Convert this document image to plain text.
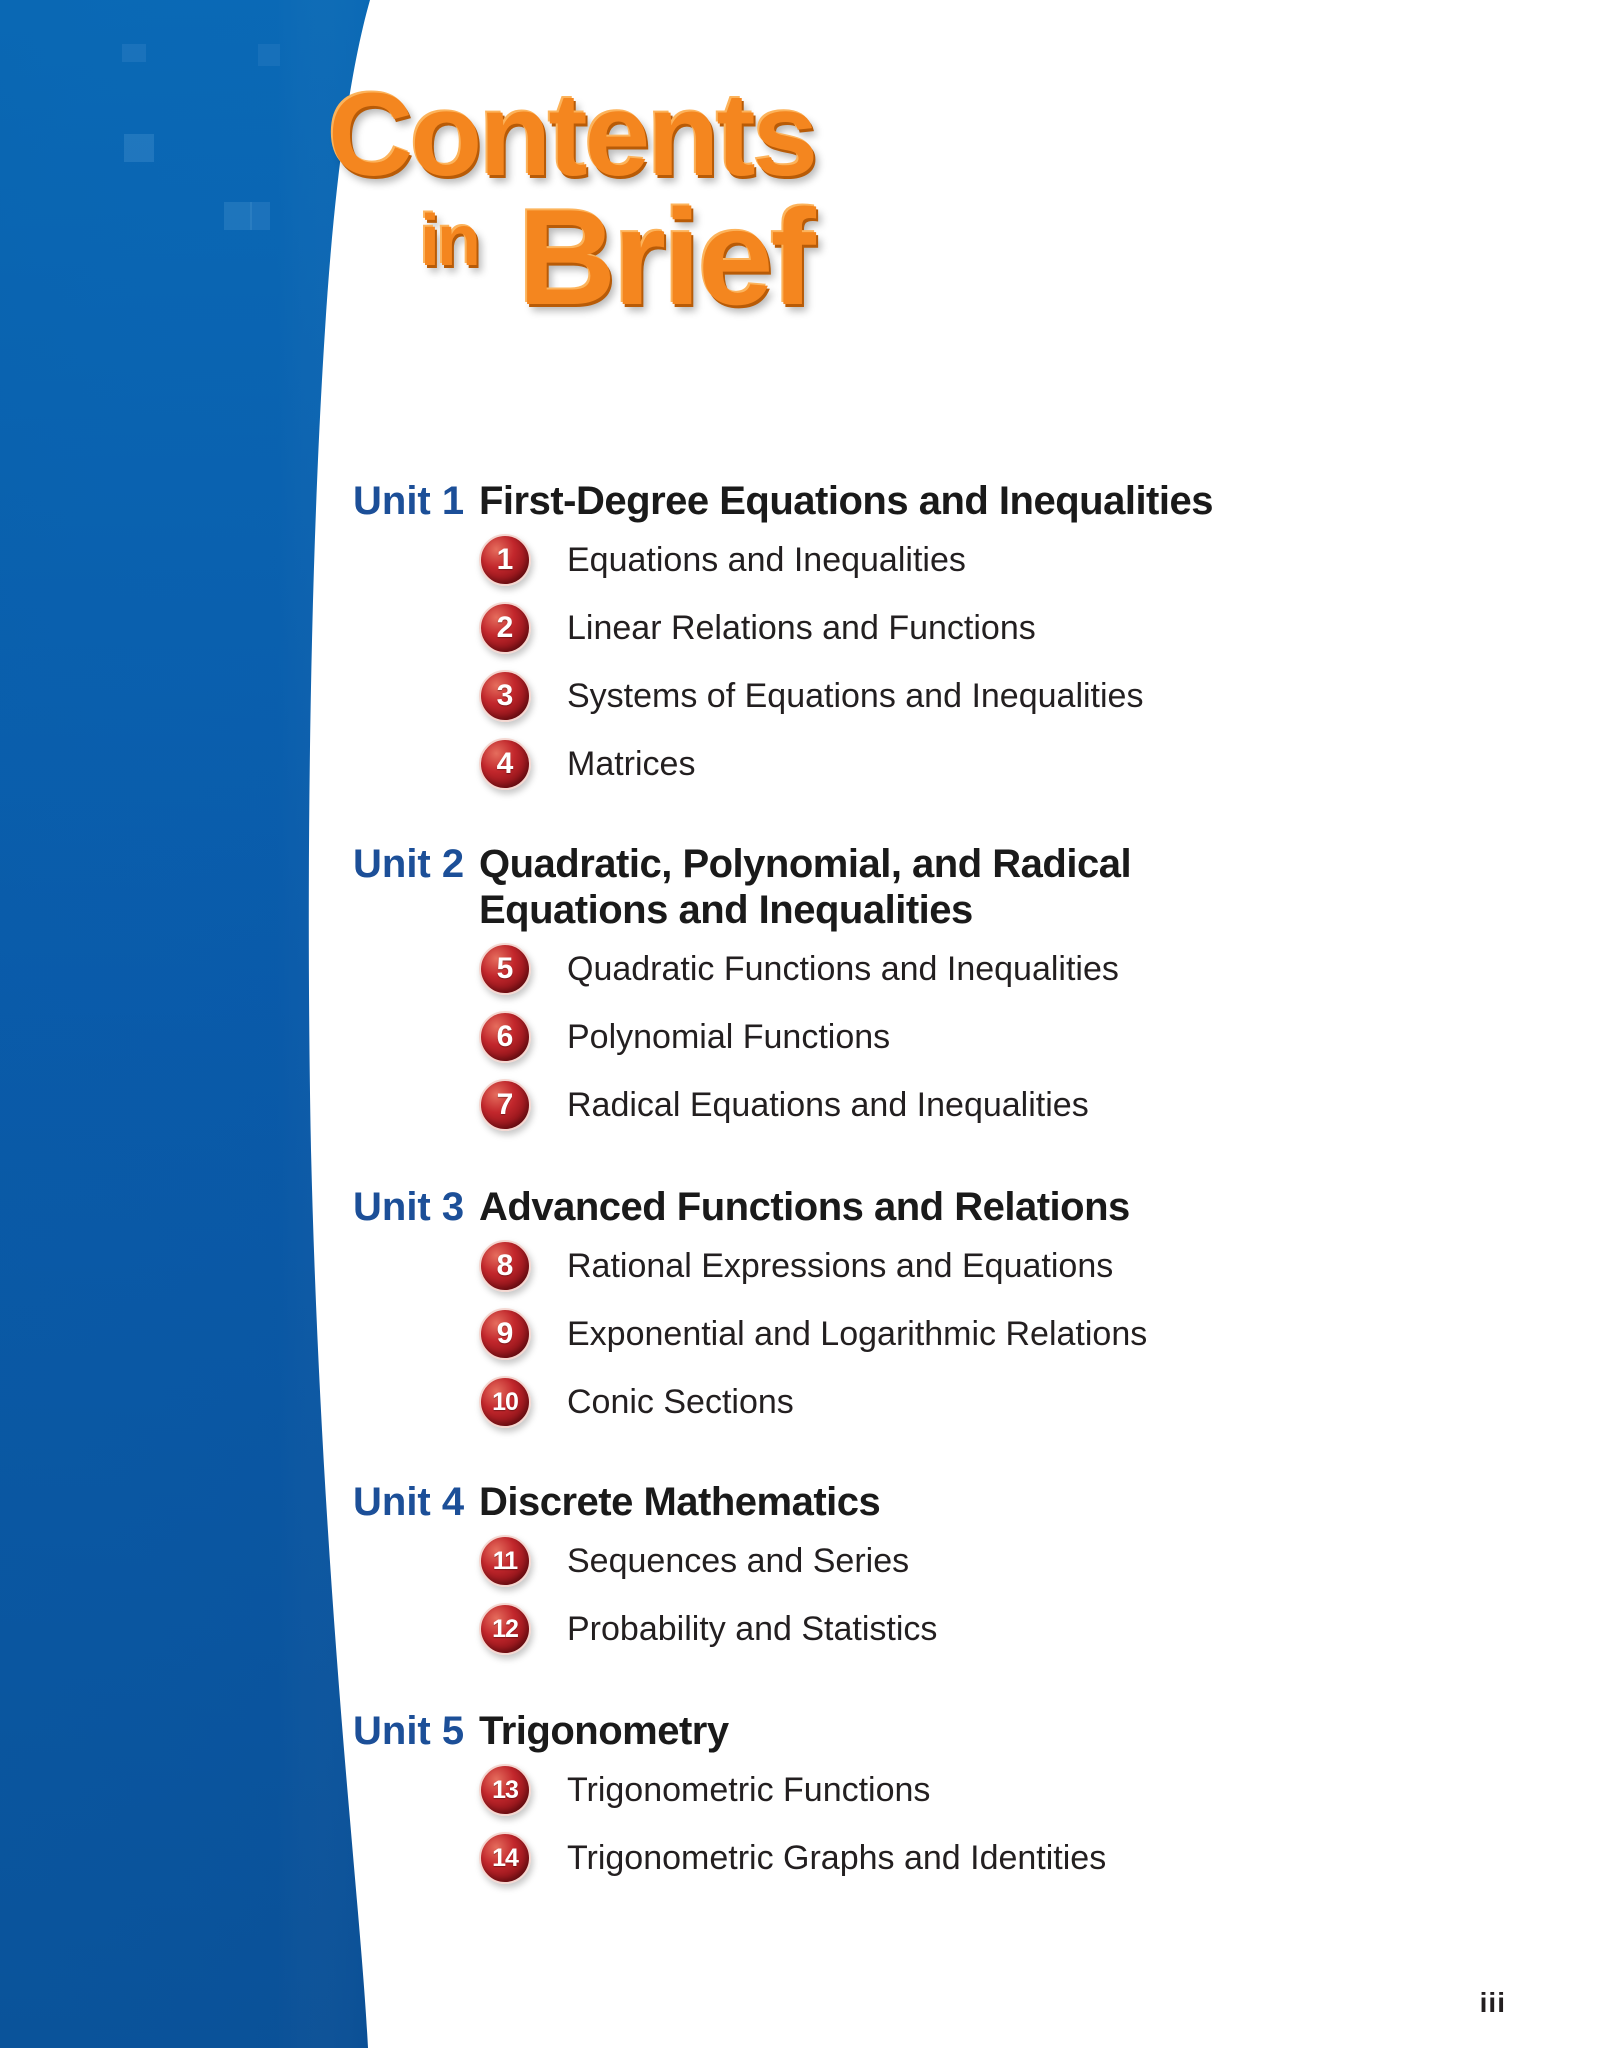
Contents
in Brief
Unit 1 First-Degree Equations and Inequalities
1	Equations and Inequalities
2	Linear Relations and Functions
3	Systems of Equations and Inequalities
4	Matrices
Unit 2 Quadratic, Polynomial, and Radical Equations and Inequalities
5	Quadratic Functions and Inequalities
6	Polynomial Functions
7	Radical Equations and Inequalities
Unit 3 Advanced Functions and Relations
8	Rational Expressions and Equations
9	Exponential and Logarithmic Relations
10	Conic Sections
Unit 4 Discrete Mathematics
11	Sequences and Series
12	Probability and Statistics
Unit 5 Trigonometry
13	Trigonometric Functions
14	Trigonometric Graphs and Identities
iii
